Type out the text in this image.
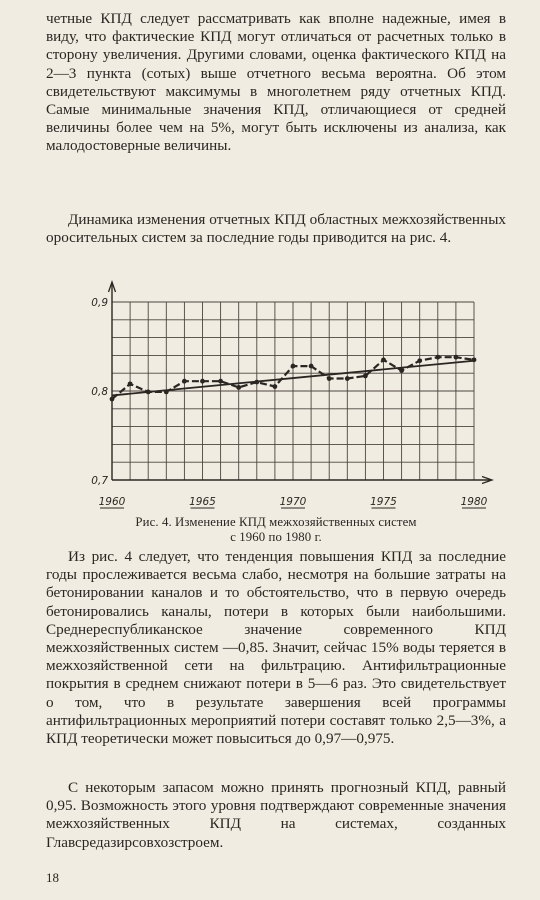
четные КПД следует рассматривать как вполне надежные, имея в виду, что фактические КПД могут отличаться от расчетных только в сторону увеличения. Другими словами, оценка фактического КПД на 2—3 пункта (сотых) выше отчетного весьма вероятна. Об этом свидетельствуют максимумы в многолетнем ряду отчетных КПД. Самые минимальные значения КПД, отличающиеся от средней величины более чем на 5%, могут быть исключены из анализа, как малодостоверные величины.

Динамика изменения отчетных КПД областных межхозяйственных оросительных систем за последние годы приводится на рис. 4.

0,7
0,8
0,9
1960	1965	1970	1975	1980
Рис. 4. Изменение КПД межхозяйственных систем
с 1960 по 1980 г.

Из рис. 4 следует, что тенденция повышения КПД за последние годы прослеживается весьма слабо, несмотря на большие затраты на бетонировании каналов и то обстоятельство, что в первую очередь бетонировались каналы, потери в которых были наибольшими. Среднереспубликанское значение современного КПД межхозяйственных систем —0,85. Значит, сейчас 15% воды теряется в межхозяйственной сети на фильтрацию. Антифильтрационные покрытия в среднем снижают потери в 5—6 раз. Это свидетельствует о том, что в результате завершения всей программы антифильтрационных мероприятий потери составят только 2,5—3%, а КПД теоретически может повыситься до 0,97—0,975.

С некоторым запасом можно принять прогнозный КПД, равный 0,95. Возможность этого уровня подтверждают современные значения межхозяйственных КПД на системах, созданных Главсредазирсовхозстроем.

18
